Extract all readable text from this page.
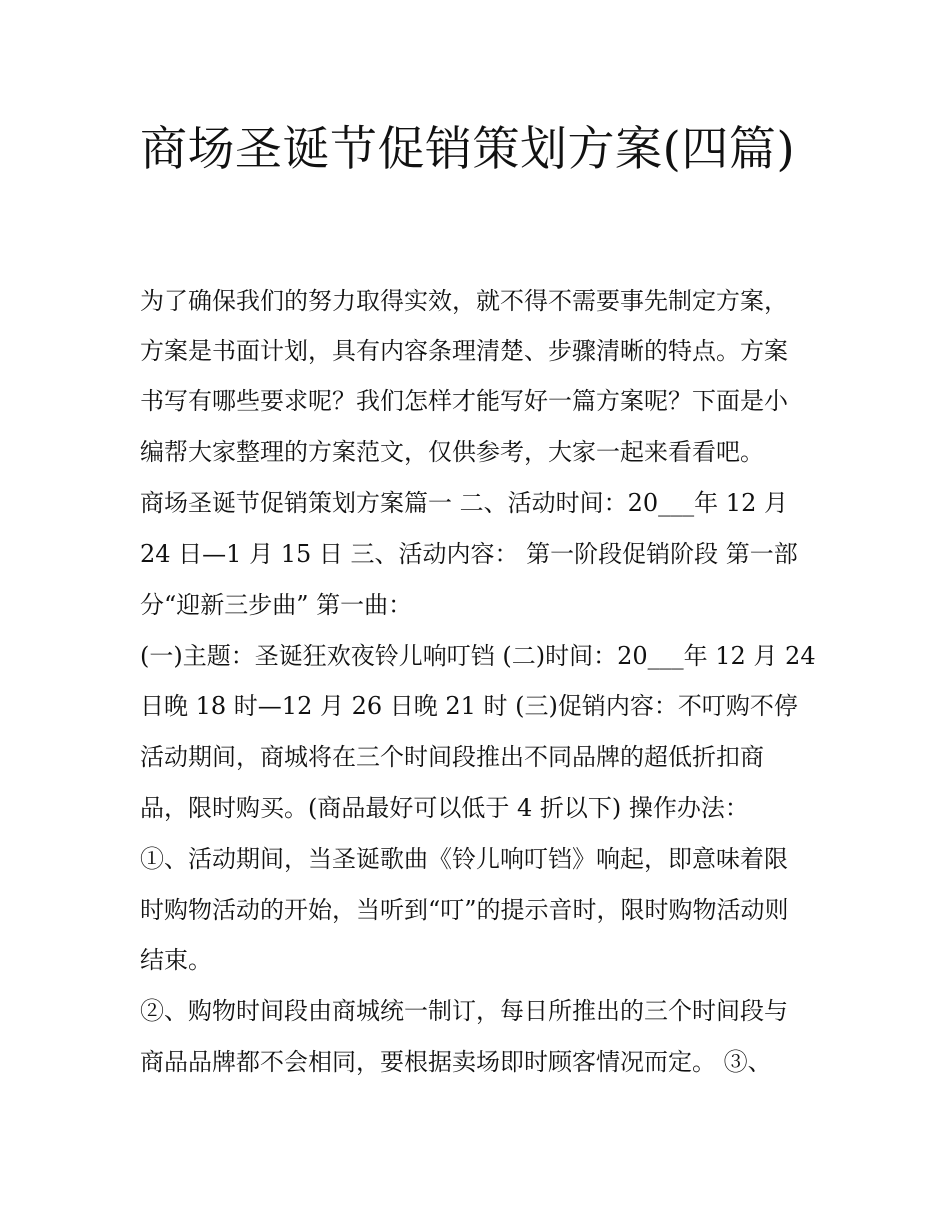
商场圣诞节促销策划方案(四篇)

为了确保我们的努力取得实效，就不得不需要事先制定方案，

方案是书面计划，具有内容条理清楚、步骤清晰的特点。方案

书写有哪些要求呢？我们怎样才能写好一篇方案呢？下面是小

编帮大家整理的方案范文，仅供参考，大家一起来看看吧。

商场圣诞节促销策划方案篇一 二、活动时间：20___年 12 月

24 日—1 月 15 日 三、活动内容： 第一阶段促销阶段 第一部

分“迎新三步曲” 第一曲：

(一)主题：圣诞狂欢夜铃儿响叮铛 (二)时间：20___年 12 月 24

日晚 18 时—12 月 26 日晚 21 时 (三)促销内容：不叮购不停

活动期间，商城将在三个时间段推出不同品牌的超低折扣商

品，限时购买。(商品最好可以低于 4 折以下) 操作办法：

①、活动期间，当圣诞歌曲《铃儿响叮铛》响起，即意味着限

时购物活动的开始，当听到“叮”的提示音时，限时购物活动则

结束。

②、购物时间段由商城统一制订，每日所推出的三个时间段与

商品品牌都不会相同，要根据卖场即时顾客情况而定。 ③、
